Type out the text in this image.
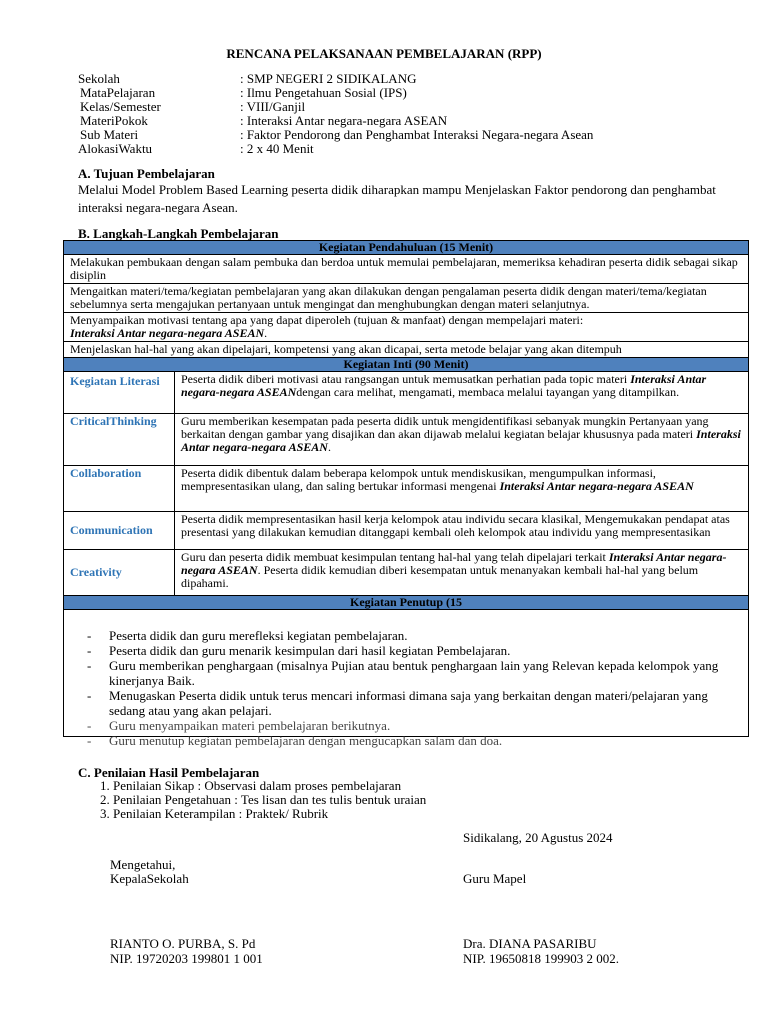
RENCANA PELAKSANAAN PEMBELAJARAN (RPP)
Sekolah	: SMP NEGERI 2 SIDIKALANG
MataPelajaran	: Ilmu Pengetahuan Sosial (IPS)
Kelas/Semester	: VIII/Ganjil
MateriPokok	: Interaksi Antar negara-negara ASEAN
Sub Materi	: Faktor Pendorong dan Penghambat Interaksi Negara-negara Asean
AlokasiWaktu	: 2 x 40 Menit
A. Tujuan Pembelajaran
Melalui Model Problem Based Learning peserta didik diharapkan mampu Menjelaskan Faktor pendorong dan penghambat interaksi negara-negara Asean.
B. Langkah-Langkah Pembelajaran
Kegiatan Pendahuluan (15 Menit)	
Melakukan pembukaan dengan salam pembuka dan berdoa untuk memulai pembelajaran, memeriksa kehadiran peserta didik sebagai sikap disiplin	
Mengaitkan materi/tema/kegiatan pembelajaran yang akan dilakukan dengan pengalaman peserta didik dengan materi/tema/kegiatan sebelumnya serta mengajukan pertanyaan untuk mengingat dan menghubungkan dengan materi selanjutnya.	
Menyampaikan motivasi tentang apa yang dapat diperoleh (tujuan & manfaat) dengan mempelajari materi:
Interaksi Antar negara-negara ASEAN.	
Menjelaskan hal-hal yang akan dipelajari, kompetensi yang akan dicapai, serta metode belajar yang akan ditempuh	
Kegiatan Inti (90 Menit)	
Kegiatan Literasi	Peserta didik diberi motivasi atau rangsangan untuk memusatkan perhatian pada topic materi Interaksi Antar negara-negara ASEANdengan cara melihat, mengamati, membaca melalui tayangan yang ditampilkan.
CriticalThinking	Guru memberikan kesempatan pada peserta didik untuk mengidentifikasi sebanyak mungkin Pertanyaan yang berkaitan dengan gambar yang disajikan dan akan dijawab melalui kegiatan belajar khususnya pada materi Interaksi Antar negara-negara ASEAN.
Collaboration	Peserta didik dibentuk dalam beberapa kelompok untuk mendiskusikan, mengumpulkan informasi, mempresentasikan ulang, dan saling bertukar informasi mengenai Interaksi Antar negara-negara ASEAN
Communication	Peserta didik mempresentasikan hasil kerja kelompok atau individu secara klasikal, Mengemukakan pendapat atas presentasi yang dilakukan kemudian ditanggapi kembali oleh kelompok atau individu yang mempresentasikan
Creativity	Guru dan peserta didik membuat kesimpulan tentang hal-hal yang telah dipelajari terkait Interaksi Antar negara-negara ASEAN. Peserta didik kemudian diberi kesempatan untuk menanyakan kembali hal-hal yang belum dipahami.
Kegiatan Penutup (15	

- Peserta didik dan guru merefleksi kegiatan pembelajaran.
- Peserta didik dan guru menarik kesimpulan dari hasil kegiatan Pembelajaran.
- Guru memberikan penghargaan (misalnya Pujian atau bentuk penghargaan lain yang Relevan kepada kelompok yang kinerjanya Baik.
- Menugaskan Peserta didik untuk terus mencari informasi dimana saja yang berkaitan dengan materi/pelajaran yang sedang atau yang akan pelajari.
- Guru menyampaikan materi pembelajaran berikutnya.
- Guru menutup kegiatan pembelajaran dengan mengucapkan salam dan doa.
C. Penilaian Hasil Pembelajaran
1. Penilaian Sikap : Observasi dalam proses pembelajaran
2. Penilaian Pengetahuan : Tes lisan dan tes tulis bentuk uraian
3. Penilaian Keterampilan : Praktek/ Rubrik
Sidikalang, 20 Agustus 2024
Mengetahui,
KepalaSekolah	Guru Mapel
RIANTO O. PURBA, S. Pd
NIP. 19720203 199801 1 001
Dra. DIANA PASARIBU
NIP. 19650818 199903 2 002.
